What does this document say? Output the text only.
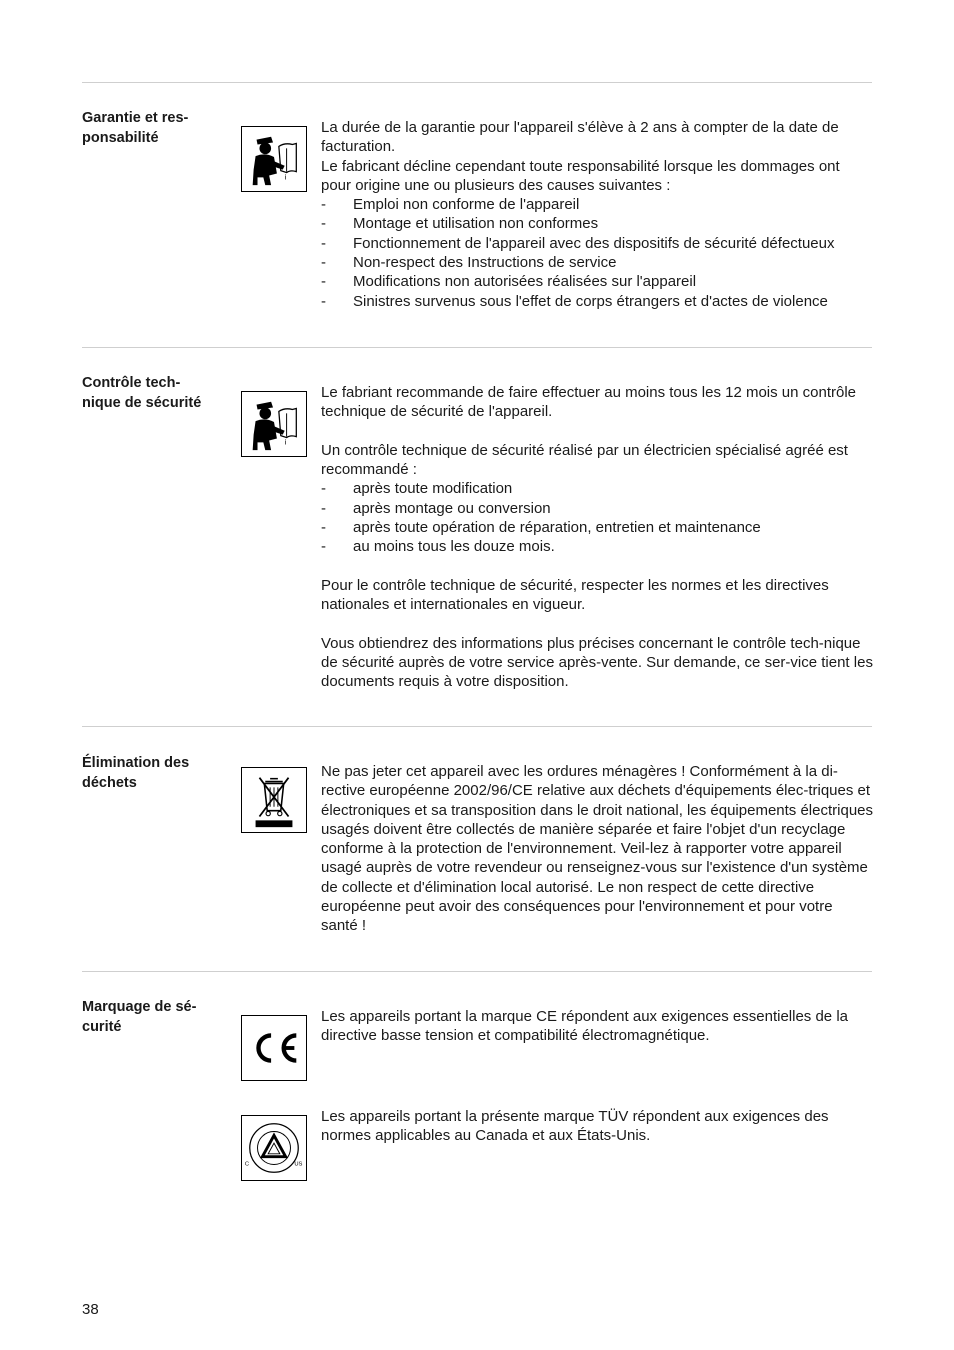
Garantie et res-
ponsabilité
i

La durée de la garantie pour l'appareil s'élève à 2 ans à compter de la date de facturation.

Le fabricant décline cependant toute responsabilité lorsque les dommages ont pour origine une ou plusieurs des causes suivantes :

- Emploi non conforme de l'appareil
- Montage et utilisation non conformes
- Fonctionnement de l'appareil avec des dispositifs de sécurité défectueux
- Non-respect des Instructions de service
- Modifications non autorisées réalisées sur l'appareil
- Sinistres survenus sous l'effet de corps étrangers et d'actes de violence
Contrôle tech-
nique de sécurité
i

Le fabriant recommande de faire effectuer au moins tous les 12 mois un contrôle technique de sécurité de l'appareil.

Un contrôle technique de sécurité réalisé par un électricien spécialisé agréé est recommandé :

- après toute modification
- après montage ou conversion
- après toute opération de réparation, entretien et maintenance
- au moins tous les douze mois.

Pour le contrôle technique de sécurité, respecter les normes et les directives nationales et internationales en vigueur.

Vous obtiendrez des informations plus précises concernant le contrôle tech-nique de sécurité auprès de votre service après-vente. Sur demande, ce ser-vice tient les documents requis à votre disposition.

Élimination des
déchets

Ne pas jeter cet appareil avec les ordures ménagères ! Conformément à la di-rective européenne 2002/96/CE relative aux déchets d'équipements élec-triques et électroniques et sa transposition dans le droit national, les équipements électriques usagés doivent être collectés de manière séparée et faire l'objet d'un recyclage conforme à la protection de l'environnement. Veil-lez à rapporter votre appareil usagé auprès de votre revendeur ou renseignez-vous sur l'existence d'un système de collecte et d'élimination local autorisé. Le non respect de cette directive européenne peut avoir des conséquences pour l'environnement et pour votre santé !

Marquage de sé-
curité

Les appareils portant la marque CE répondent aux exigences essentielles de la directive basse tension et compatibilité électromagnétique.

C	US

Les appareils portant la présente marque TÜV répondent aux exigences des normes applicables au Canada et aux États-Unis.

38
